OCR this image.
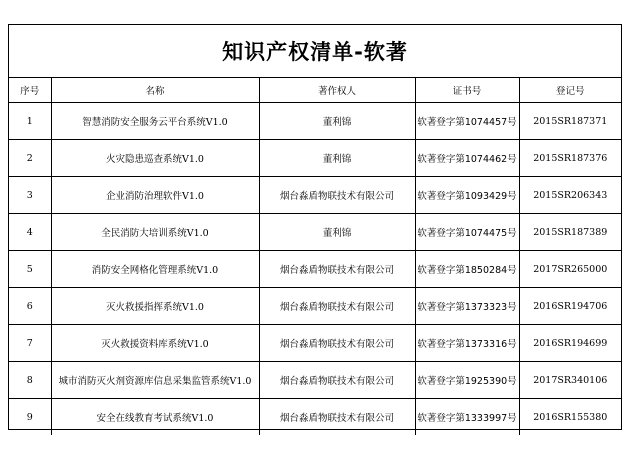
知识产权清单-软著
序号	名称	著作权人	证书号	登记号
1	智慧消防安全服务云平台系统V1.0	董利锦	软著登字第1074457号	2015SR187371
2	火灾隐患巡查系统V1.0	董利锦	软著登字第1074462号	2015SR187376
3	企业消防治理软件V1.0	烟台淼盾物联技术有限公司	软著登字第1093429号	2015SR206343
4	全民消防大培训系统V1.0	董利锦	软著登字第1074475号	2015SR187389
5	消防安全网格化管理系统V1.0	烟台淼盾物联技术有限公司	软著登字第1850284号	2017SR265000
6	灭火救援指挥系统V1.0	烟台淼盾物联技术有限公司	软著登字第1373323号	2016SR194706
7	灭火救援资料库系统V1.0	烟台淼盾物联技术有限公司	软著登字第1373316号	2016SR194699
8	城市消防灭火剂资源库信息采集监管系统V1.0	烟台淼盾物联技术有限公司	软著登字第1925390号	2017SR340106
9	安全在线教育考试系统V1.0	烟台淼盾物联技术有限公司	软著登字第1333997号	2016SR155380
